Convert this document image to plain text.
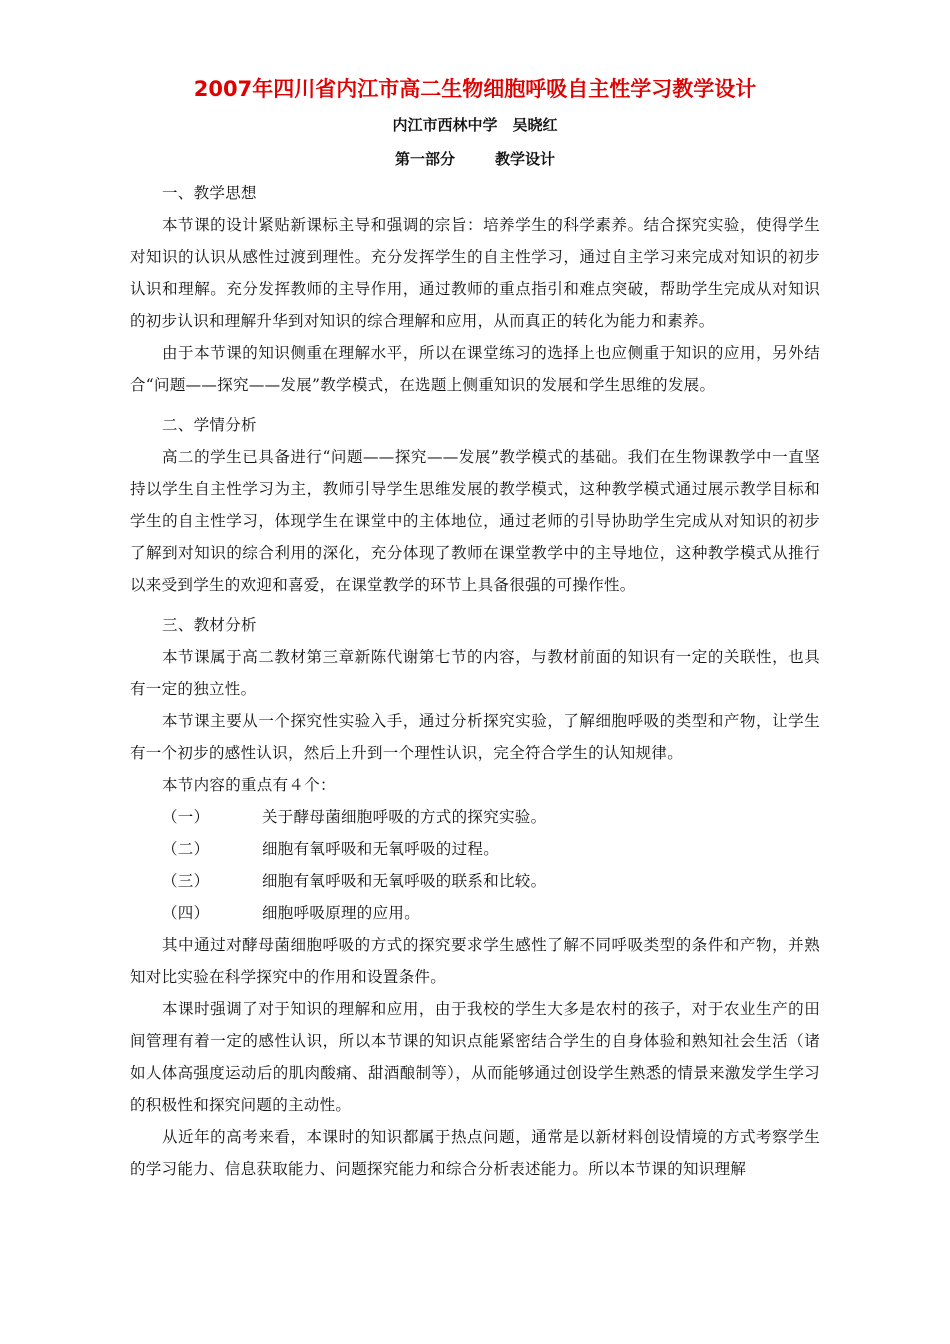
2007年四川省内江市高二生物细胞呼吸自主性学习教学设计
内江市西林中学　吴晓红
第一部分	教学设计
一、教学思想

本节课的设计紧贴新课标主导和强调的宗旨：培养学生的科学素养。结合探究实验，使得学生对知识的认识从感性过渡到理性。充分发挥学生的自主性学习，通过自主学习来完成对知识的初步认识和理解。充分发挥教师的主导作用，通过教师的重点指引和难点突破，帮助学生完成从对知识的初步认识和理解升华到对知识的综合理解和应用，从而真正的转化为能力和素养。

由于本节课的知识侧重在理解水平，所以在课堂练习的选择上也应侧重于知识的应用，另外结合“问题——探究——发展”教学模式，在选题上侧重知识的发展和学生思维的发展。

二、学情分析

高二的学生已具备进行“问题——探究——发展”教学模式的基础。我们在生物课教学中一直坚持以学生自主性学习为主，教师引导学生思维发展的教学模式，这种教学模式通过展示教学目标和学生的自主性学习，体现学生在课堂中的主体地位，通过老师的引导协助学生完成从对知识的初步了解到对知识的综合利用的深化，充分体现了教师在课堂教学中的主导地位，这种教学模式从推行以来受到学生的欢迎和喜爱，在课堂教学的环节上具备很强的可操作性。

三、教材分析

本节课属于高二教材第三章新陈代谢第七节的内容，与教材前面的知识有一定的关联性，也具有一定的独立性。

本节课主要从一个探究性实验入手，通过分析探究实验，了解细胞呼吸的类型和产物，让学生有一个初步的感性认识，然后上升到一个理性认识，完全符合学生的认知规律。

本节内容的重点有４个：

（一）	关于酵母菌细胞呼吸的方式的探究实验。
（二）	细胞有氧呼吸和无氧呼吸的过程。
（三）	细胞有氧呼吸和无氧呼吸的联系和比较。
（四）	细胞呼吸原理的应用。

其中通过对酵母菌细胞呼吸的方式的探究要求学生感性了解不同呼吸类型的条件和产物，并熟知对比实验在科学探究中的作用和设置条件。

本课时强调了对于知识的理解和应用，由于我校的学生大多是农村的孩子，对于农业生产的田间管理有着一定的感性认识，所以本节课的知识点能紧密结合学生的自身体验和熟知社会生活（诸如人体高强度运动后的肌肉酸痛、甜酒酿制等），从而能够通过创设学生熟悉的情景来激发学生学习的积极性和探究问题的主动性。

从近年的高考来看，本课时的知识都属于热点问题，通常是以新材料创设情境的方式考察学生的学习能力、信息获取能力、问题探究能力和综合分析表述能力。所以本节课的知识理解
